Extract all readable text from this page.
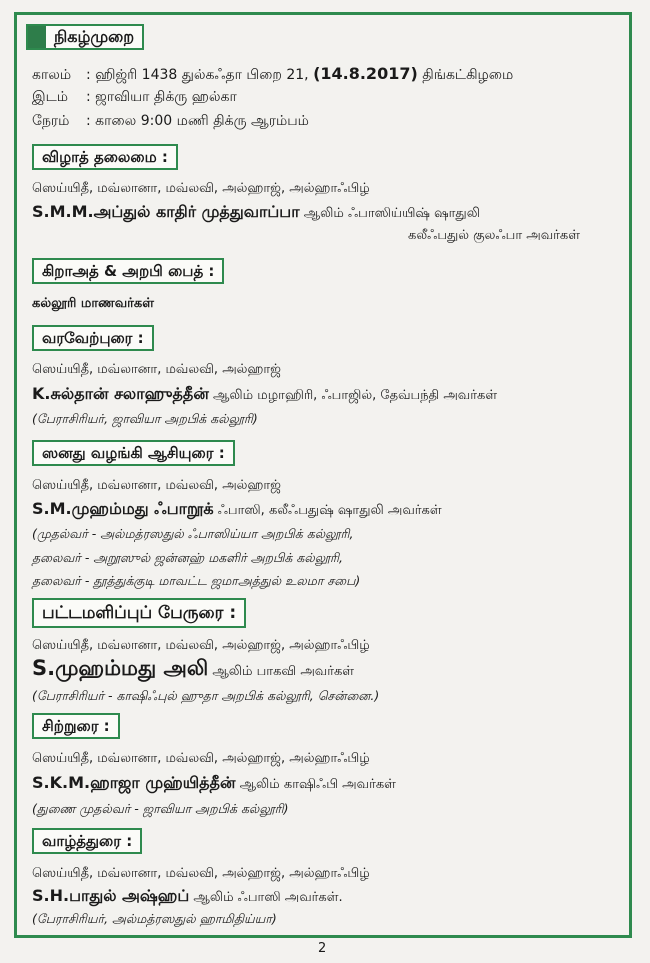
நிகழ்முறை
காலம் : ஹிஜ்ரி 1438 துல்கஃதா பிறை 21, (14.8.2017) திங்கட்கிழமை
இடம் : ஜாவியா திக்ரு ஹல்கா
நேரம் : காலை 9:00 மணி திக்ரு ஆரம்பம்
விழாத் தலைமை :
ஸெய்யிதீ, மவ்லானா, மவ்லவி, அல்ஹாஜ், அல்ஹாஃபிழ்
S.M.M.அப்துல் காதிர் முத்துவாப்பா ஆலிம் ஃபாஸிய்யிஷ் ஷாதுலி
கலீஃபதுல் குலஃபா அவர்கள்
கிறாஅத் & அறபி பைத் :
கல்லூரி மாணவர்கள்
வரவேற்புரை :
ஸெய்யிதீ, மவ்லானா, மவ்லவி, அல்ஹாஜ்
K.சுல்தான் சலாஹுத்தீன் ஆலிம் மழாஹிரி, ஃபாஜில், தேவ்பந்தி அவர்கள்
(பேராசிரியர், ஜாவியா அறபிக் கல்லூரி)
ஸனது வழங்கி ஆசியுரை :
ஸெய்யிதீ, மவ்லானா, மவ்லவி, அல்ஹாஜ்
S.M.முஹம்மது ஃபாறூக் ஃபாஸி, கலீஃபதுஷ் ஷாதுலி அவர்கள்
(முதல்வர் - அல்மத்ரஸதுல் ஃபாஸிய்யா அறபிக் கல்லூரி,
தலைவர் - அறூஸுல் ஜன்னஹ் மகளிர் அறபிக் கல்லூரி,
தலைவர் - தூத்துக்குடி மாவட்ட ஜமாஅத்துல் உலமா சபை)
பட்டமளிப்புப் பேருரை :
ஸெய்யிதீ, மவ்லானா, மவ்லவி, அல்ஹாஜ், அல்ஹாஃபிழ்
S.முஹம்மது அலி ஆலிம் பாகவி அவர்கள்
(பேராசிரியர் - காஷிஃபுல் ஹுதா அறபிக் கல்லூரி, சென்னை.)
சிற்றுரை :
ஸெய்யிதீ, மவ்லானா, மவ்லவி, அல்ஹாஜ், அல்ஹாஃபிழ்
S.K.M.ஹாஜா முஹ்யித்தீன் ஆலிம் காஷிஃபி அவர்கள்
(துணை முதல்வர் - ஜாவியா அறபிக் கல்லூரி)
வாழ்த்துரை :
ஸெய்யிதீ, மவ்லானா, மவ்லவி, அல்ஹாஜ், அல்ஹாஃபிழ்
S.H.பாதுல் அஷ்ஹப் ஆலிம் ஃபாஸி அவர்கள்.
(பேராசிரியர், அல்மத்ரஸதுல் ஹாமிதிய்யா)
2
